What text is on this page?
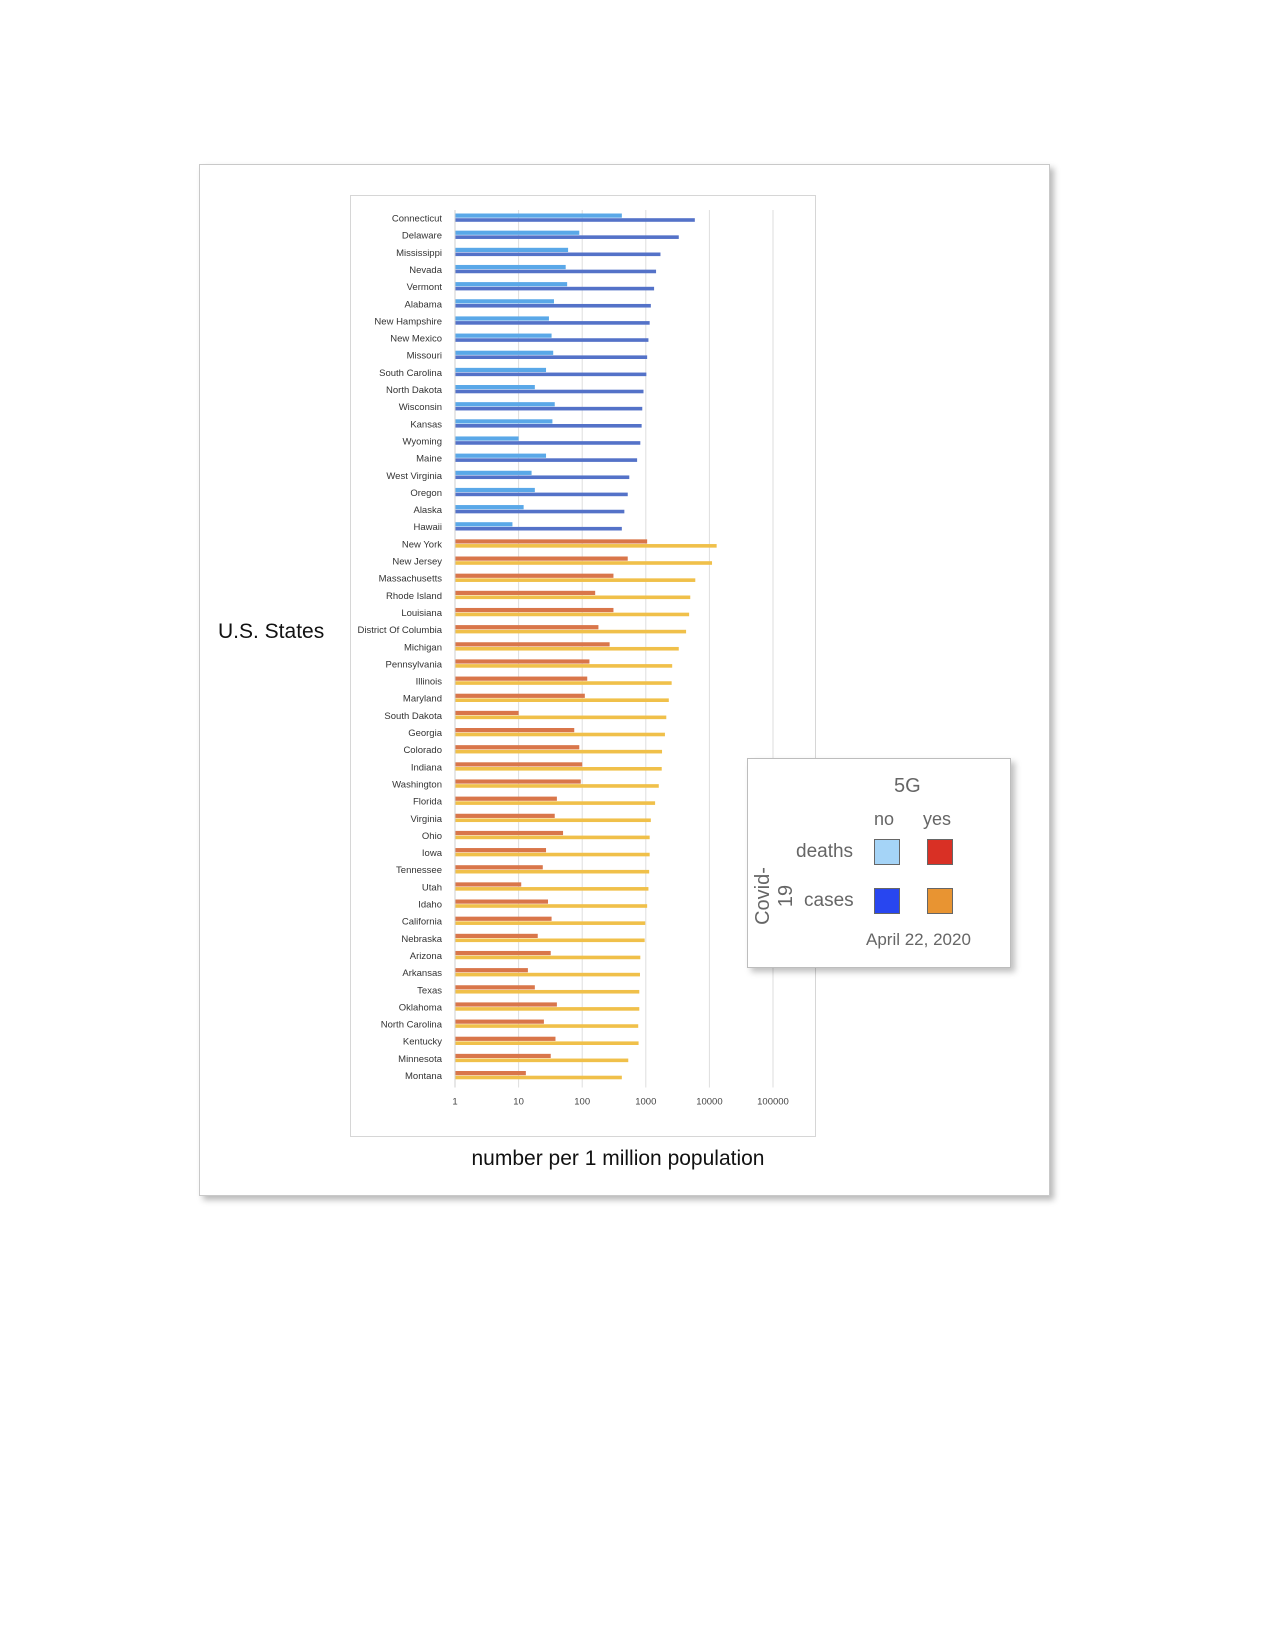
Connecticut
Delaware
Mississippi
Nevada
Vermont
Alabama
New Hampshire
New Mexico
Missouri
South Carolina
North Dakota
Wisconsin
Kansas
Wyoming
Maine
West Virginia
Oregon
Alaska
Hawaii
New York
New Jersey
Massachusetts
Rhode Island
Louisiana
District Of Columbia
Michigan
Pennsylvania
Illinois
Maryland
South Dakota
Georgia
Colorado
Indiana
Washington
Florida
Virginia
Ohio
Iowa
Tennessee
Utah
Idaho
California
Nebraska
Arizona
Arkansas
Texas
Oklahoma
North Carolina
Kentucky
Minnesota
Montana
1	10	100	1000	10000	100000
U.S. States
number per 1 million population
5G
no yes
Covid-19
deaths
cases
April 22, 2020
